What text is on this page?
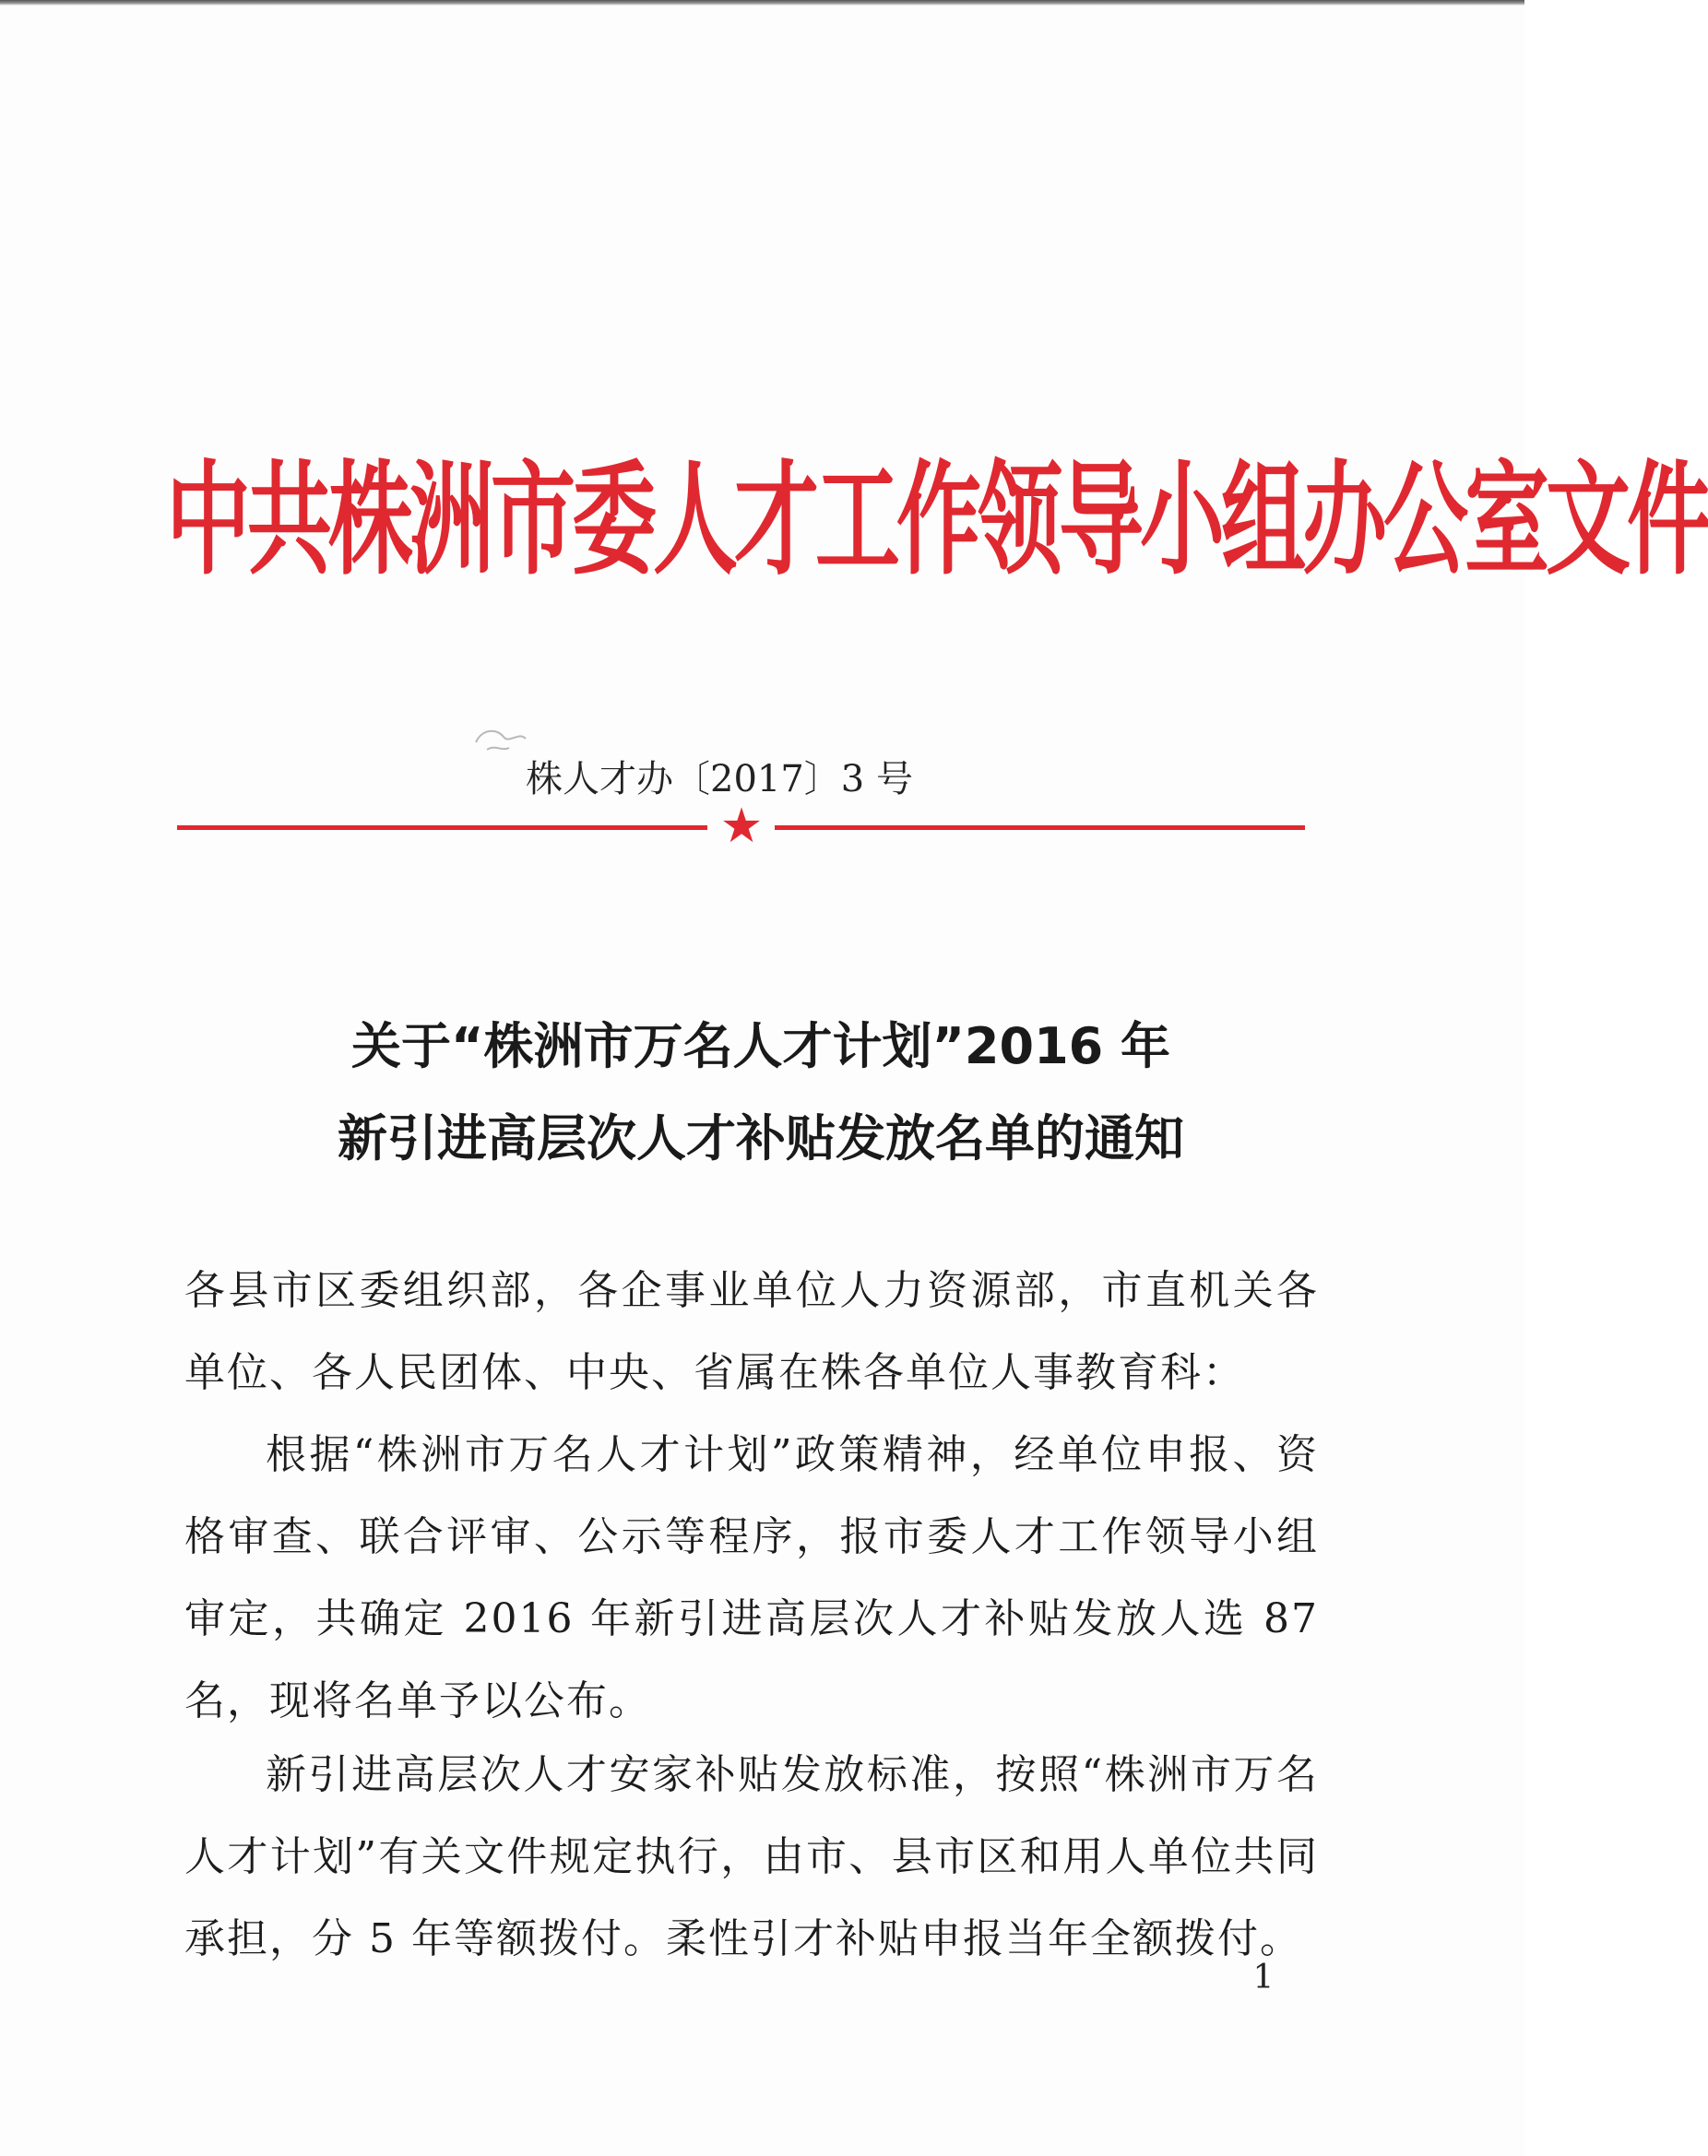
中共株洲市委人才工作领导小组办公室文件
株人才办〔2017〕3 号
★
关于“株洲市万名人才计划”2016 年
新引进高层次人才补贴发放名单的通知

各县市区委组织部，各企事业单位人力资源部，市直机关各单位、各人民团体、中央、省属在株各单位人事教育科：

根据“株洲市万名人才计划”政策精神，经单位申报、资格审查、联合评审、公示等程序，报市委人才工作领导小组审定，共确定 2016 年新引进高层次人才补贴发放人选 87 名，现将名单予以公布。

新引进高层次人才安家补贴发放标准，按照“株洲市万名人才计划”有关文件规定执行，由市、县市区和用人单位共同承担，分 5 年等额拨付。柔性引才补贴申报当年全额拨付。

1
